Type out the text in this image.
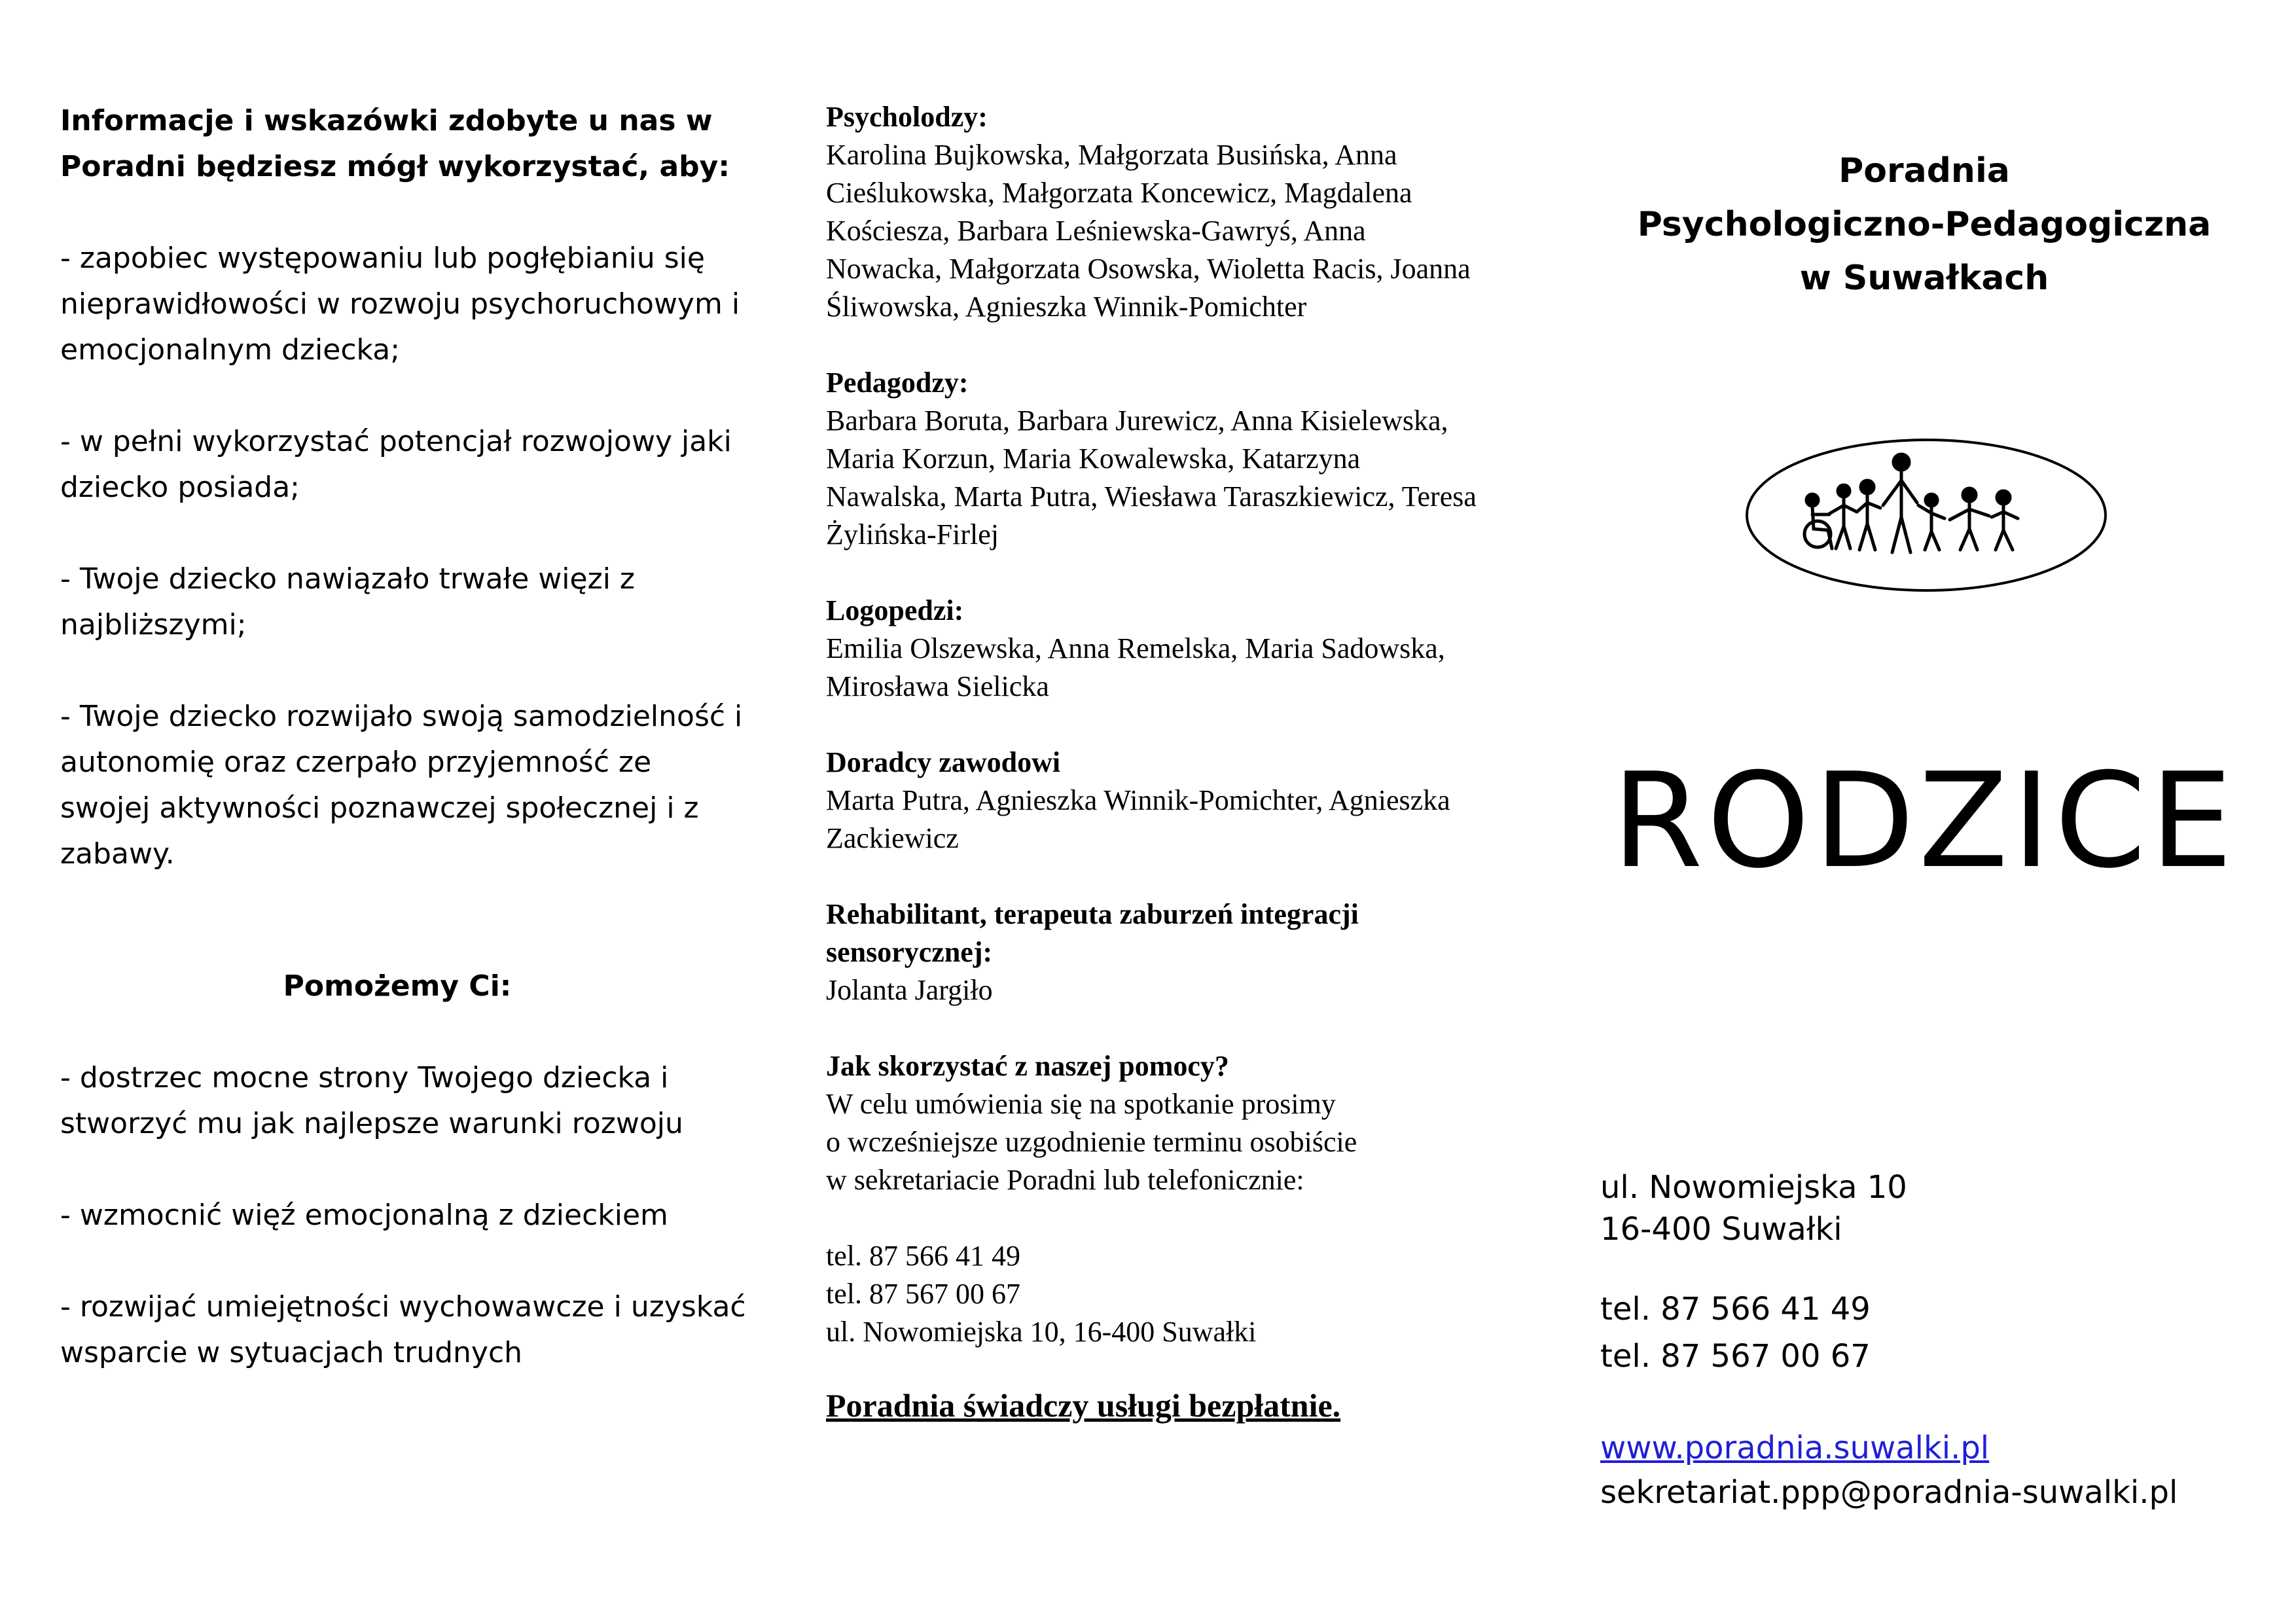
Informacje i wskazówki zdobyte u nas w Poradni będziesz mógł wykorzystać, aby:

- zapobiec występowaniu lub pogłębianiu się nieprawidłowości w rozwoju psychoruchowym i emocjonalnym dziecka;

- w pełni wykorzystać potencjał rozwojowy jaki dziecko posiada;

- Twoje dziecko nawiązało trwałe więzi z najbliższymi;

- Twoje dziecko rozwijało swoją samodzielność i autonomię oraz czerpało przyjemność ze swojej aktywności poznawczej społecznej i z zabawy.

Pomożemy Ci:

- dostrzec mocne strony Twojego dziecka i stworzyć mu jak najlepsze warunki rozwoju

- wzmocnić więź emocjonalną z dzieckiem

- rozwijać umiejętności wychowawcze i uzyskać wsparcie w sytuacjach trudnych

Psycholodzy:

Karolina Bujkowska, Małgorzata Busińska, Anna Cieślukowska, Małgorzata Koncewicz, Magdalena Kościesza, Barbara Leśniewska-Gawryś, Anna Nowacka, Małgorzata Osowska, Wioletta Racis, Joanna Śliwowska, Agnieszka Winnik-Pomichter

Pedagodzy:

Barbara Boruta, Barbara Jurewicz, Anna Kisielewska, Maria Korzun, Maria Kowalewska, Katarzyna Nawalska, Marta Putra, Wiesława Taraszkiewicz, Teresa Żylińska-Firlej

Logopedzi:

Emilia Olszewska, Anna Remelska, Maria Sadowska, Mirosława Sielicka

Doradcy zawodowi

Marta Putra, Agnieszka Winnik-Pomichter, Agnieszka Zackiewicz

Rehabilitant, terapeuta zaburzeń integracji sensorycznej:

Jolanta Jargiło

Jak skorzystać z naszej pomocy?

W celu umówienia się na spotkanie prosimy

o wcześniejsze uzgodnienie terminu osobiście

w sekretariacie Poradni lub telefonicznie:

tel. 87 566 41 49

tel. 87 567 00 67

ul. Nowomiejska 10, 16-400 Suwałki

Poradnia świadczy usługi bezpłatnie.
Poradnia
Psychologiczno-Pedagogiczna
w Suwałkach
RODZICE
ul. Nowomiejska 10
16-400 Suwałki
tel. 87 566 41 49
tel. 87 567 00 67
www.poradnia.suwalki.pl
sekretariat.ppp@poradnia-suwalki.pl
